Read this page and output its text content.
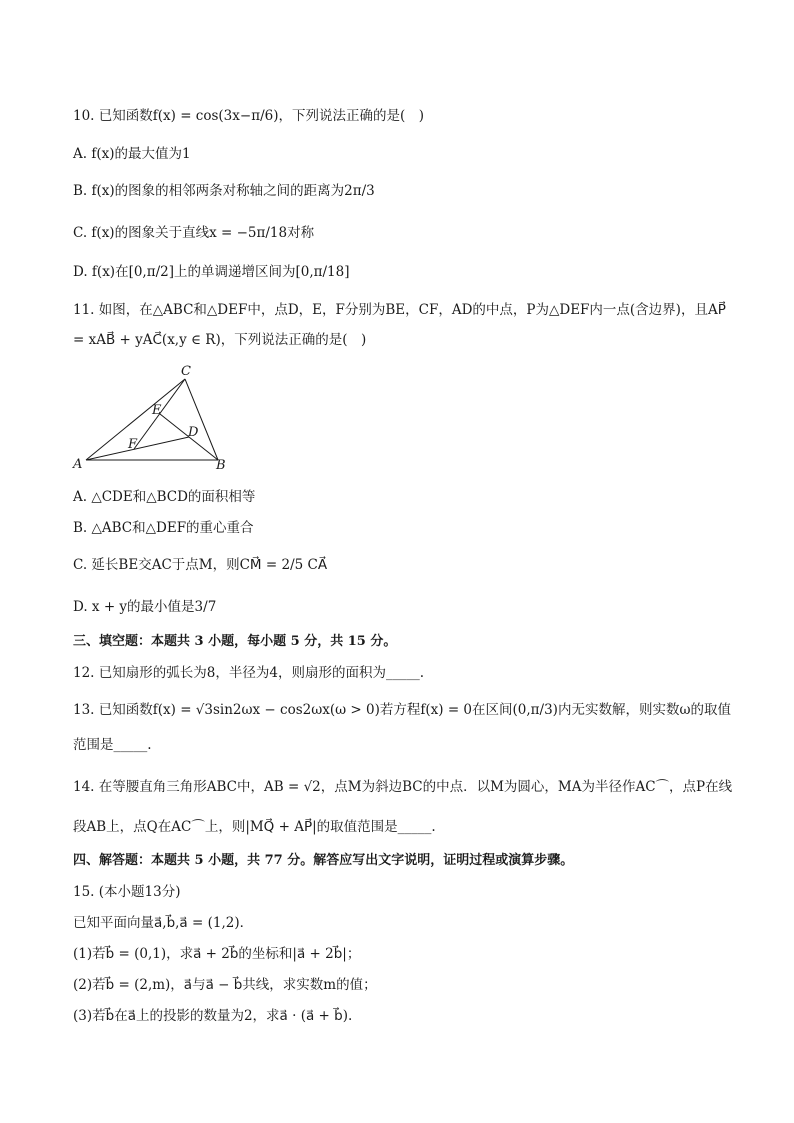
10. 已知函数f(x) = cos(3x−π/6)，下列说法正确的是(　)
A. f(x)的最大值为1
B. f(x)的图象的相邻两条对称轴之间的距离为2π/3
C. f(x)的图象关于直线x = −5π/18对称
D. f(x)在[0,π/2]上的单调递增区间为[0,π/18]
11. 如图，在△ABC和△DEF中，点D，E，F分别为BE，CF，AD的中点，P为△DEF内一点(含边界)，且AP⃗
= xAB⃗ + yAC⃗(x,y ∈ R)，下列说法正确的是(　)
A	B
C
D
E
F
A. △CDE和△BCD的面积相等
B. △ABC和△DEF的重心重合
C. 延长BE交AC于点M，则CM⃗ = 2/5 CA⃗
D. x + y的最小值是3/7
三、填空题：本题共 3 小题，每小题 5 分，共 15 分。
12. 已知扇形的弧长为8，半径为4，则扇形的面积为_____.
13. 已知函数f(x) = √3sin2ωx − cos2ωx(ω > 0)若方程f(x) = 0在区间(0,π/3)内无实数解，则实数ω的取值
范围是_____.
14. 在等腰直角三角形ABC中，AB = √2，点M为斜边BC的中点．以M为圆心，MA为半径作AC⌒，点P在线
段AB上，点Q在AC⌒上，则|MQ⃗ + AP⃗|的取值范围是_____.
四、解答题：本题共 5 小题，共 77 分。解答应写出文字说明，证明过程或演算步骤。
15. (本小题13分)
已知平面向量a⃗,b⃗,a⃗ = (1,2)．
(1)若b⃗ = (0,1)，求a⃗ + 2b⃗的坐标和|a⃗ + 2b⃗|；
(2)若b⃗ = (2,m)，a⃗与a⃗ − b⃗共线，求实数m的值；
(3)若b⃗在a⃗上的投影的数量为2，求a⃗ · (a⃗ + b⃗).
